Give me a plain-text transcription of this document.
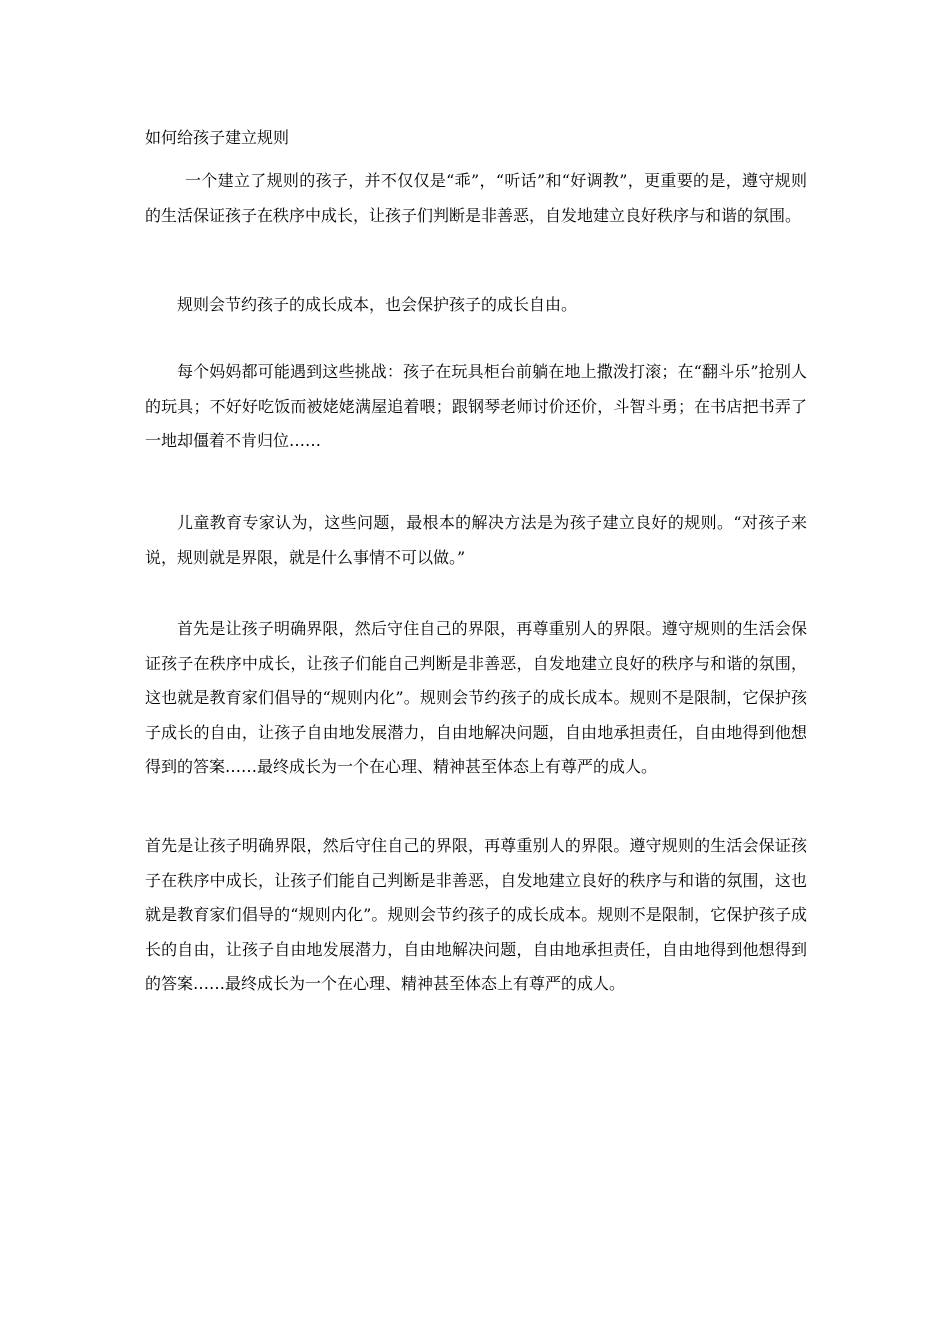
如何给孩子建立规则

一个建立了规则的孩子，并不仅仅是“乖”，“听话”和“好调教”，更重要的是，遵守规则的生活保证孩子在秩序中成长，让孩子们判断是非善恶，自发地建立良好秩序与和谐的氛围。

规则会节约孩子的成长成本，也会保护孩子的成长自由。

每个妈妈都可能遇到这些挑战：孩子在玩具柜台前躺在地上撒泼打滚；在“翻斗乐”抢别人的玩具；不好好吃饭而被姥姥满屋追着喂；跟钢琴老师讨价还价，斗智斗勇；在书店把书弄了一地却僵着不肯归位……

儿童教育专家认为，这些问题，最根本的解决方法是为孩子建立良好的规则。“对孩子来说，规则就是界限，就是什么事情不可以做。”

首先是让孩子明确界限，然后守住自己的界限，再尊重别人的界限。遵守规则的生活会保证孩子在秩序中成长，让孩子们能自己判断是非善恶，自发地建立良好的秩序与和谐的氛围，这也就是教育家们倡导的“规则内化”。规则会节约孩子的成长成本。规则不是限制，它保护孩子成长的自由，让孩子自由地发展潜力，自由地解决问题，自由地承担责任，自由地得到他想得到的答案……最终成长为一个在心理、精神甚至体态上有尊严的成人。

首先是让孩子明确界限，然后守住自己的界限，再尊重别人的界限。遵守规则的生活会保证孩子在秩序中成长，让孩子们能自己判断是非善恶，自发地建立良好的秩序与和谐的氛围，这也就是教育家们倡导的“规则内化”。规则会节约孩子的成长成本。规则不是限制，它保护孩子成长的自由，让孩子自由地发展潜力，自由地解决问题，自由地承担责任，自由地得到他想得到的答案……最终成长为一个在心理、精神甚至体态上有尊严的成人。
